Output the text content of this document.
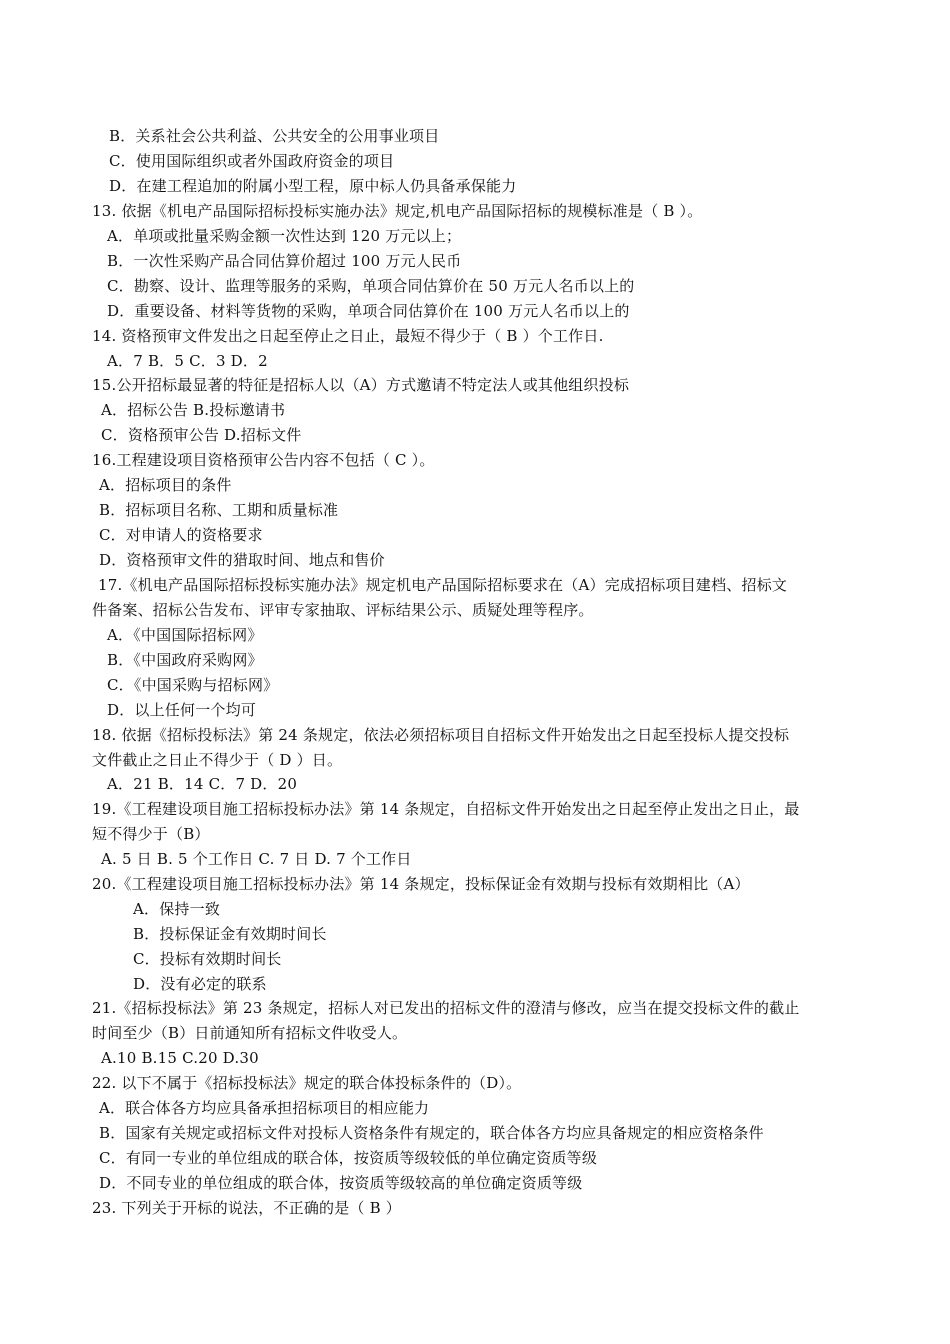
B．关系社会公共利益、公共安全的公用事业项目
C．使用国际组织或者外国政府资金的项目
D．在建工程追加的附属小型工程，原中标人仍具备承保能力
13. 依据《机电产品国际招标投标实施办法》规定,机电产品国际招标的规模标准是（ B ）。
A．单项或批量采购金额一次性达到 120 万元以上；
B．一次性采购产品合同估算价超过 100 万元人民币
C．勘察、设计、监理等服务的采购，单项合同估算价在 50 万元人名币以上的
D．重要设备、材料等货物的采购，单项合同估算价在 100 万元人名币以上的
14. 资格预审文件发出之日起至停止之日止，最短不得少于（ B ）个工作日.
A．7 B．5 C．3 D．2
15.公开招标最显著的特征是招标人以（A）方式邀请不特定法人或其他组织投标
A．招标公告 B.投标邀请书
C．资格预审公告 D.招标文件
16.工程建设项目资格预审公告内容不包括（ C ）。
A．招标项目的条件
B．招标项目名称、工期和质量标准
C．对申请人的资格要求
D．资格预审文件的猎取时间、地点和售价
17.《机电产品国际招标投标实施办法》规定机电产品国际招标要求在（A）完成招标项目建档、招标文
件备案、招标公告发布、评审专家抽取、评标结果公示、质疑处理等程序。
A．《中国国际招标网》
B．《中国政府采购网》
C．《中国采购与招标网》
D．以上任何一个均可
18. 依据《招标投标法》第 24 条规定，依法必须招标项目自招标文件开始发出之日起至投标人提交投标
文件截止之日止不得少于（ D ）日。
A．21 B．14 C．7 D．20
19.《工程建设项目施工招标投标办法》第 14 条规定，自招标文件开始发出之日起至停止发出之日止，最
短不得少于（B）
A. 5 日 B. 5 个工作日 C. 7 日 D. 7 个工作日
20.《工程建设项目施工招标投标办法》第 14 条规定，投标保证金有效期与投标有效期相比（A）
A．保持一致
B．投标保证金有效期时间长
C．投标有效期时间长
D．没有必定的联系
21.《招标投标法》第 23 条规定，招标人对已发出的招标文件的澄清与修改，应当在提交投标文件的截止
时间至少（B）日前通知所有招标文件收受人。
A.10 B.15 C.20 D.30
22. 以下不属于《招标投标法》规定的联合体投标条件的（D）。
A．联合体各方均应具备承担招标项目的相应能力
B．国家有关规定或招标文件对投标人资格条件有规定的，联合体各方均应具备规定的相应资格条件
C．有同一专业的单位组成的联合体，按资质等级较低的单位确定资质等级
D．不同专业的单位组成的联合体，按资质等级较高的单位确定资质等级
23. 下列关于开标的说法，不正确的是（ B ）
